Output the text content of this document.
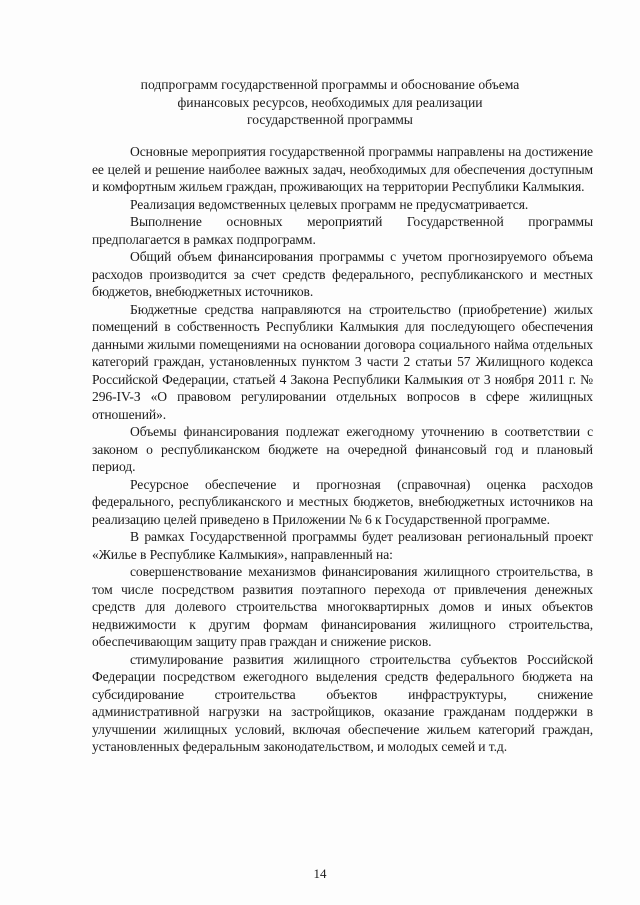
подпрограмм государственной программы и обоснование объема
финансовых ресурсов, необходимых для реализации
государственной программы

Основные мероприятия государственной программы направлены на достижение ее целей и решение наиболее важных задач, необходимых для обеспечения доступным и комфортным жильем граждан, проживающих на территории Республики Калмыкия.

Реализация ведомственных целевых программ не предусматривается.

Выполнение основных мероприятий Государственной программы предполагается в рамках подпрограмм.

Общий объем финансирования программы с учетом прогнозируемого объема расходов производится за счет средств федерального, республиканского и местных бюджетов, внебюджетных источников.

Бюджетные средства направляются на строительство (приобретение) жилых помещений в собственность Республики Калмыкия для последующего обеспечения данными жилыми помещениями на основании договора социального найма отдельных категорий граждан, установленных пунктом 3 части 2 статьи 57 Жилищного кодекса Российской Федерации, статьей 4 Закона Республики Калмыкия от 3 ноября 2011 г. № 296-IV-З «О правовом регулировании отдельных вопросов в сфере жилищных отношений».

Объемы финансирования подлежат ежегодному уточнению в соответствии с законом о республиканском бюджете на очередной финансовый год и плановый период.

Ресурсное обеспечение и прогнозная (справочная) оценка расходов федерального, республиканского и местных бюджетов, внебюджетных источников на реализацию целей приведено в Приложении № 6 к Государственной программе.

В рамках Государственной программы будет реализован региональный проект «Жилье в Республике Калмыкия», направленный на:

совершенствование механизмов финансирования жилищного строительства, в том числе посредством развития поэтапного перехода от привлечения денежных средств для долевого строительства многоквартирных домов и иных объектов недвижимости к другим формам финансирования жилищного строительства, обеспечивающим защиту прав граждан и снижение рисков.

стимулирование развития жилищного строительства субъектов Российской Федерации посредством ежегодного выделения средств федерального бюджета на субсидирование строительства объектов инфраструктуры, снижение административной нагрузки на застройщиков, оказание гражданам поддержки в улучшении жилищных условий, включая обеспечение жильем категорий граждан, установленных федеральным законодательством, и молодых семей и т.д.

14
